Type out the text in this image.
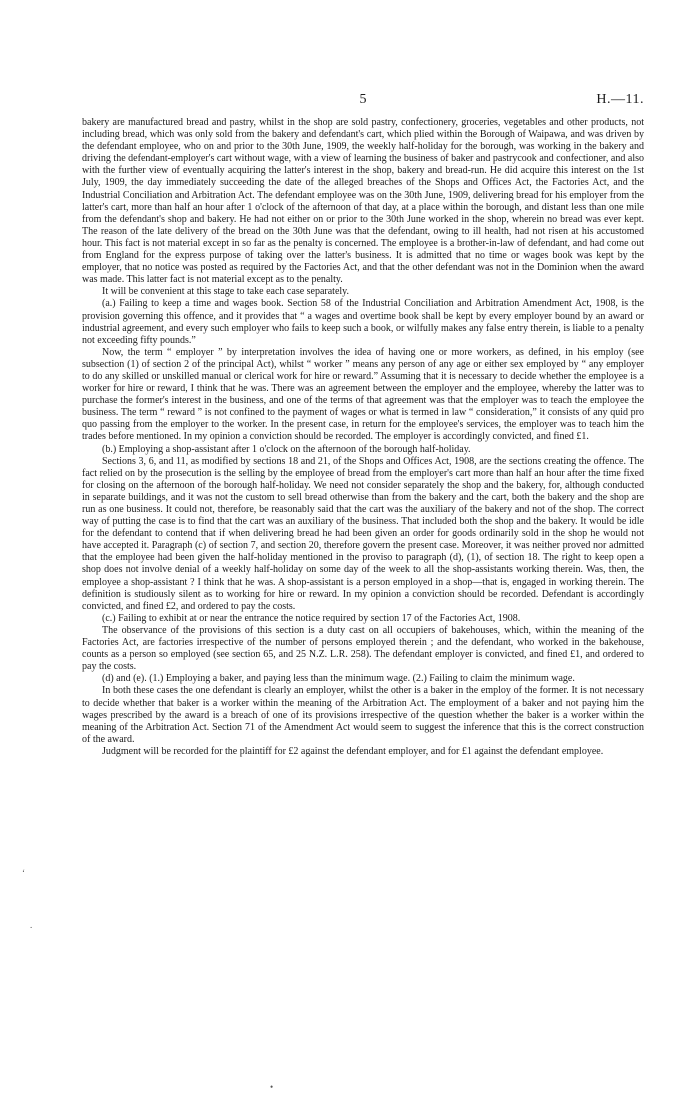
5	H.—11.

bakery are manufactured bread and pastry, whilst in the shop are sold pastry, confectionery, groceries, vegetables and other products, not including bread, which was only sold from the bakery and defendant's cart, which plied within the Borough of Waipawa, and was driven by the defendant employee, who on and prior to the 30th June, 1909, the weekly half-holiday for the borough, was working in the bakery and driving the defendant-employer's cart without wage, with a view of learning the business of baker and pastrycook and confectioner, and also with the further view of eventually acquiring the latter's interest in the shop, bakery and bread-run. He did acquire this interest on the 1st July, 1909, the day immediately succeeding the date of the alleged breaches of the Shops and Offices Act, the Factories Act, and the Industrial Conciliation and Arbitration Act. The defendant employee was on the 30th June, 1909, delivering bread for his employer from the latter's cart, more than half an hour after 1 o'clock of the afternoon of that day, at a place within the borough, and distant less than one mile from the defendant's shop and bakery. He had not either on or prior to the 30th June worked in the shop, wherein no bread was ever kept. The reason of the late delivery of the bread on the 30th June was that the defendant, owing to ill health, had not risen at his accustomed hour. This fact is not material except in so far as the penalty is concerned. The employee is a brother-in-law of defendant, and had come out from England for the express purpose of taking over the latter's business. It is admitted that no time or wages book was kept by the employer, that no notice was posted as required by the Factories Act, and that the other defendant was not in the Dominion when the award was made. This latter fact is not material except as to the penalty.

It will be convenient at this stage to take each case separately.

(a.) Failing to keep a time and wages book. Section 58 of the Industrial Conciliation and Arbitration Amendment Act, 1908, is the provision governing this offence, and it provides that “ a wages and overtime book shall be kept by every employer bound by an award or industrial agreement, and every such employer who fails to keep such a book, or wilfully makes any false entry therein, is liable to a penalty not exceeding fifty pounds.”

Now, the term “ employer ” by interpretation involves the idea of having one or more workers, as defined, in his employ (see subsection (1) of section 2 of the principal Act), whilst “ worker ” means any person of any age or either sex employed by “ any employer to do any skilled or unskilled manual or clerical work for hire or reward.” Assuming that it is necessary to decide whether the employee is a worker for hire or reward, I think that he was. There was an agreement between the employer and the employee, whereby the latter was to purchase the former's interest in the business, and one of the terms of that agreement was that the employer was to teach the employee the business. The term “ reward ” is not confined to the payment of wages or what is termed in law “ consideration,” it consists of any quid pro quo passing from the employer to the worker. In the present case, in return for the employee's services, the employer was to teach him the trades before mentioned. In my opinion a conviction should be recorded. The employer is accordingly convicted, and fined £1.

(b.) Employing a shop-assistant after 1 o'clock on the afternoon of the borough half-holiday.

Sections 3, 6, and 11, as modified by sections 18 and 21, of the Shops and Offices Act, 1908, are the sections creating the offence. The fact relied on by the prosecution is the selling by the employee of bread from the employer's cart more than half an hour after the time fixed for closing on the afternoon of the borough half-holiday. We need not consider separately the shop and the bakery, for, although conducted in separate buildings, and it was not the custom to sell bread otherwise than from the bakery and the cart, both the bakery and the shop are run as one business. It could not, therefore, be reasonably said that the cart was the auxiliary of the bakery and not of the shop. The correct way of putting the case is to find that the cart was an auxiliary of the business. That included both the shop and the bakery. It would be idle for the defendant to contend that if when delivering bread he had been given an order for goods ordinarily sold in the shop he would not have accepted it. Paragraph (c) of section 7, and section 20, therefore govern the present case. Moreover, it was neither proved nor admitted that the employee had been given the half-holiday mentioned in the proviso to paragraph (d), (1), of section 18. The right to keep open a shop does not involve denial of a weekly half-holiday on some day of the week to all the shop-assistants working therein. Was, then, the employee a shop-assistant ? I think that he was. A shop-assistant is a person employed in a shop—that is, engaged in working therein. The definition is studiously silent as to working for hire or reward. In my opinion a conviction should be recorded. Defendant is accordingly convicted, and fined £2, and ordered to pay the costs.

(c.) Failing to exhibit at or near the entrance the notice required by section 17 of the Factories Act, 1908.

The observance of the provisions of this section is a duty cast on all occupiers of bakehouses, which, within the meaning of the Factories Act, are factories irrespective of the number of persons employed therein ; and the defendant, who worked in the bakehouse, counts as a person so employed (see section 65, and 25 N.Z. L.R. 258). The defendant employer is convicted, and fined £1, and ordered to pay the costs.

(d) and (e). (1.) Employing a baker, and paying less than the minimum wage. (2.) Failing to claim the minimum wage.

In both these cases the one defendant is clearly an employer, whilst the other is a baker in the employ of the former. It is not necessary to decide whether that baker is a worker within the meaning of the Arbitration Act. The employment of a baker and not paying him the wages prescribed by the award is a breach of one of its provisions irrespective of the question whether the baker is a worker within the meaning of the Arbitration Act. Section 71 of the Amendment Act would seem to suggest the inference that this is the correct construction of the award.

Judgment will be recorded for the plaintiff for £2 against the defendant employer, and for £1 against the defendant employee.

‘
.
•
